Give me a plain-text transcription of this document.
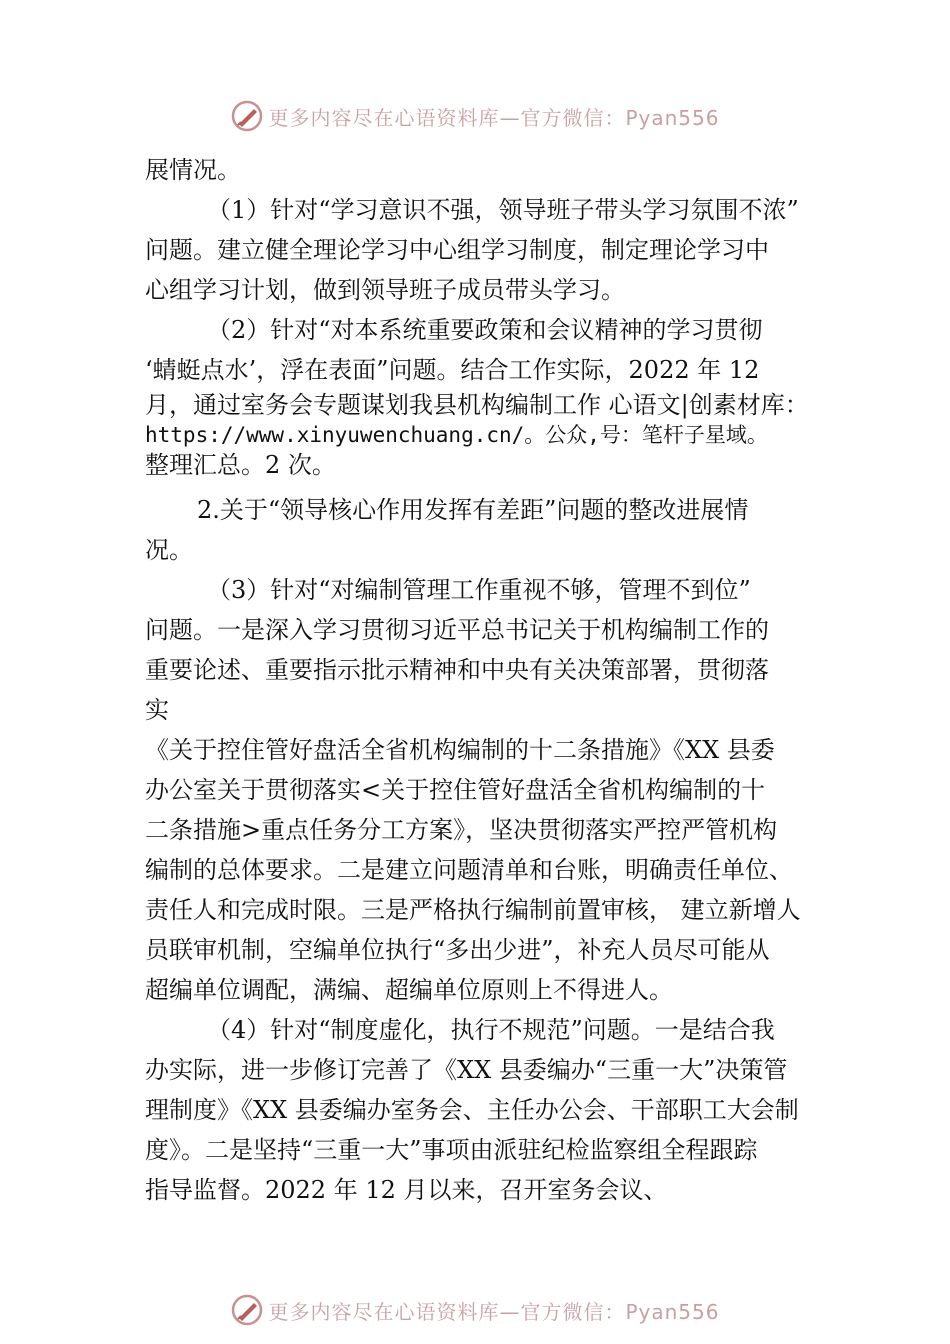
更多内容尽在心语资料库—官方微信：Pyan556
展情况。
（1）针对“学习意识不强，领导班子带头学习氛围不浓”
问题。建立健全理论学习中心组学习制度，制定理论学习中
心组学习计划，做到领导班子成员带头学习。
（2）针对“对本系统重要政策和会议精神的学习贯彻
‘蜻蜓点水’，浮在表面”问题。结合工作实际，2022 年 12
月，通过室务会专题谋划我县机构编制工作 心语文|创素材库：
https://www.xinyuwenchuang.cn/。公众,号：笔杆子星域。
整理汇总。2 次。
2.关于“领导核心作用发挥有差距”问题的整改进展情
况。
（3）针对“对编制管理工作重视不够，管理不到位”
问题。一是深入学习贯彻习近平总书记关于机构编制工作的
重要论述、重要指示批示精神和中央有关决策部署，贯彻落
实
《关于控住管好盘活全省机构编制的十二条措施》《XX 县委
办公室关于贯彻落实<关于控住管好盘活全省机构编制的十
二条措施>重点任务分工方案》，坚决贯彻落实严控严管机构
编制的总体要求。二是建立问题清单和台账，明确责任单位、
责任人和完成时限。三是严格执行编制前置审核， 建立新增人
员联审机制，空编单位执行“多出少进”，补充人员尽可能从
超编单位调配，满编、超编单位原则上不得进人。
（4）针对“制度虚化，执行不规范”问题。一是结合我
办实际，进一步修订完善了《XX 县委编办“三重一大”决策管
理制度》《XX 县委编办室务会、主任办公会、干部职工大会制
度》。二是坚持“三重一大”事项由派驻纪检监察组全程跟踪
指导监督。2022 年 12 月以来，召开室务会议、
更多内容尽在心语资料库—官方微信：Pyan556
